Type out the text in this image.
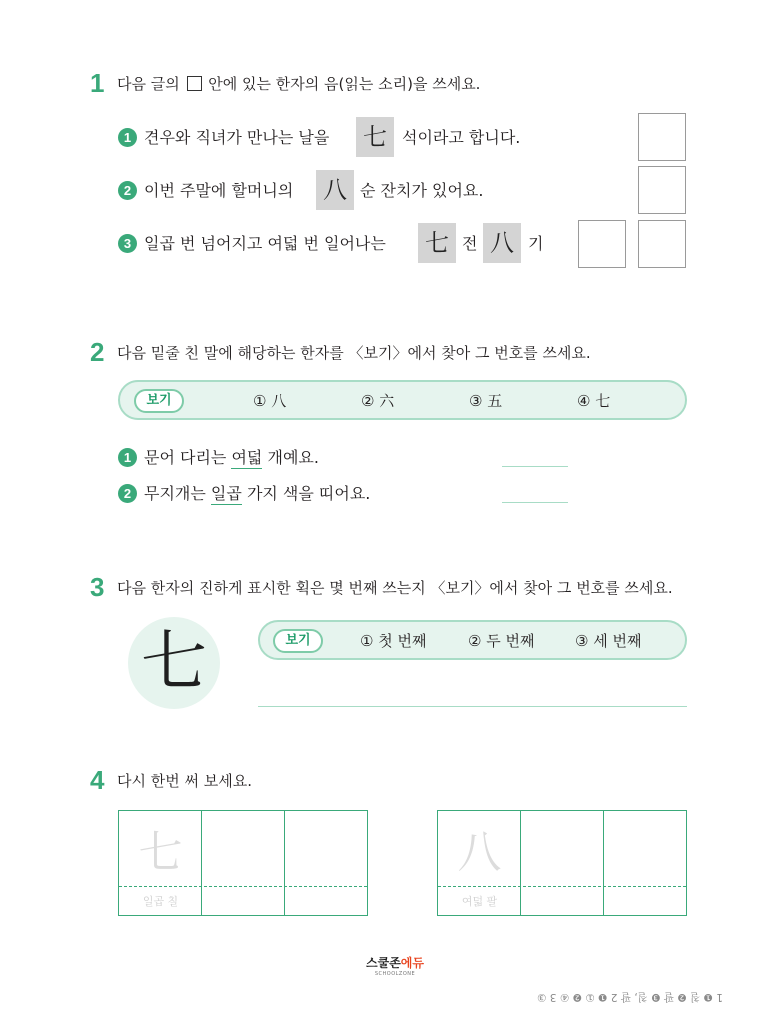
1 다음 글의 안에 있는 한자의 음(읽는 소리)을 쓰세요.
1 견우와 직녀가 만나는 날을 七 석이라고 합니다.
2 이번 주말에 할머니의 八 순 잔치가 있어요.
3 일곱 번 넘어지고 여덟 번 일어나는 七 전 八 기
2 다음 밑줄 친 말에 해당하는 한자를 〈보기〉에서 찾아 그 번호를 쓰세요.
보기	① 八	② 六	③ 五	④ 七
1 문어 다리는 여덟 개예요.
2 무지개는 일곱 가지 색을 띠어요.
3 다음 한자의 진하게 표시한 획은 몇 번째 쓰는지 〈보기〉에서 찾아 그 번호를 쓰세요.
七	보기	① 첫 번째	② 두 번째	③ 세 번째
4 다시 한번 써 보세요.
七
일곱 칠
八
여덟 팔
스쿨존에듀
SCHOOLZONE
1 ❶ 칠 ❷ 팔 ❸ 칠, 팔 2 ❶ ① ❷ ④ 3 ③
